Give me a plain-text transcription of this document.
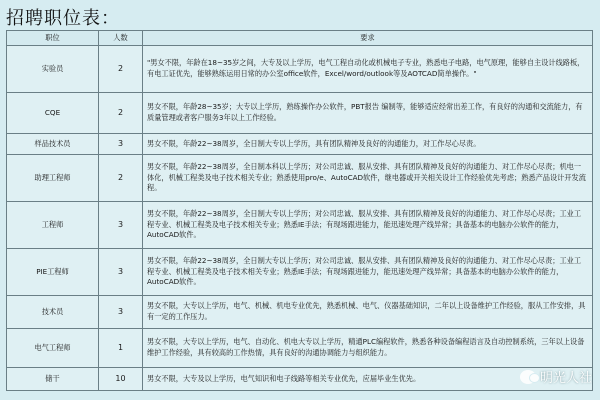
招聘职位表：
职位	人数	要求
实验员	2	"男女不限，年龄在18~35岁之间，大专及以上学历，电气工程自动化或机械电子专业，熟悉电子电路，电气原理，能够自主设计线路板，有电工证优先，能够熟练运用日常的办公室office软件，Excel/word/outlook等及AOTCAD简单操作。"
CQE	2	男女不限，年龄28~35岁；大专以上学历，熟练操作办公软件，PBT报告 编制等，能够适应经常出差工作，有良好的沟通和交流能力，有质量管理或者客户服务3年以上工作经验。
样品技术员	3	男女不限，年龄22~38周岁，全日制大专以上学历，具有团队精神及良好的沟通能力，对工作尽心尽责。
助理工程师	2	男女不限，年龄22~38周岁，全日制本科以上学历；对公司忠诚、服从安排、具有团队精神及良好的沟通能力、对工作尽心尽责；机电一体化，机械工程类及电子技术相关专业；熟悉使用pro/e、AutoCAD软件，继电器或开关相关设计工作经验优先考虑；熟悉产品设计开发流程。
工程师	3	男女不限，年龄22~38周岁，全日制大专以上学历；对公司忠诚、服从安排、具有团队精神及良好的沟通能力、对工作尽心尽责；工业工程专业、机械工程类及电子技术相关专业；熟悉IE手法；有现场跟进能力，能迅速处理产线异常；具备基本的电脑办公软件的能力，AutoCAD软件。
PIE工程师	3	男女不限，年龄22~38周岁，全日制大专以上学历；对公司忠诚、服从安排、具有团队精神及良好的沟通能力、对工作尽心尽责；工业工程专业、机械工程类及电子技术相关专业；熟悉IE手法；有现场跟进能力，能迅速处理产线异常；具备基本的电脑办公软件的能力，AutoCAD软件。
技术员	3	男女不限，大专以上学历，电气、机械、机电专业优先，熟悉机械、电气、仪器基础知识，二年以上设备维护工作经验，服从工作安排，具有一定的工作压力。
电气工程师	1	男女不限，大专以上学历，电气、自动化、机电大专以上学历，精通PLC编程软件，熟悉各种设备编程语言及自动控制系统，三年以上设备维护工作经验，具有较高的工作热情，具有良好的沟通协调能力与组织能力。
储干	10	男女不限，大专及以上学历，电气知识和电子线路等相关专业优先，应届毕业生优先。	明光人社
